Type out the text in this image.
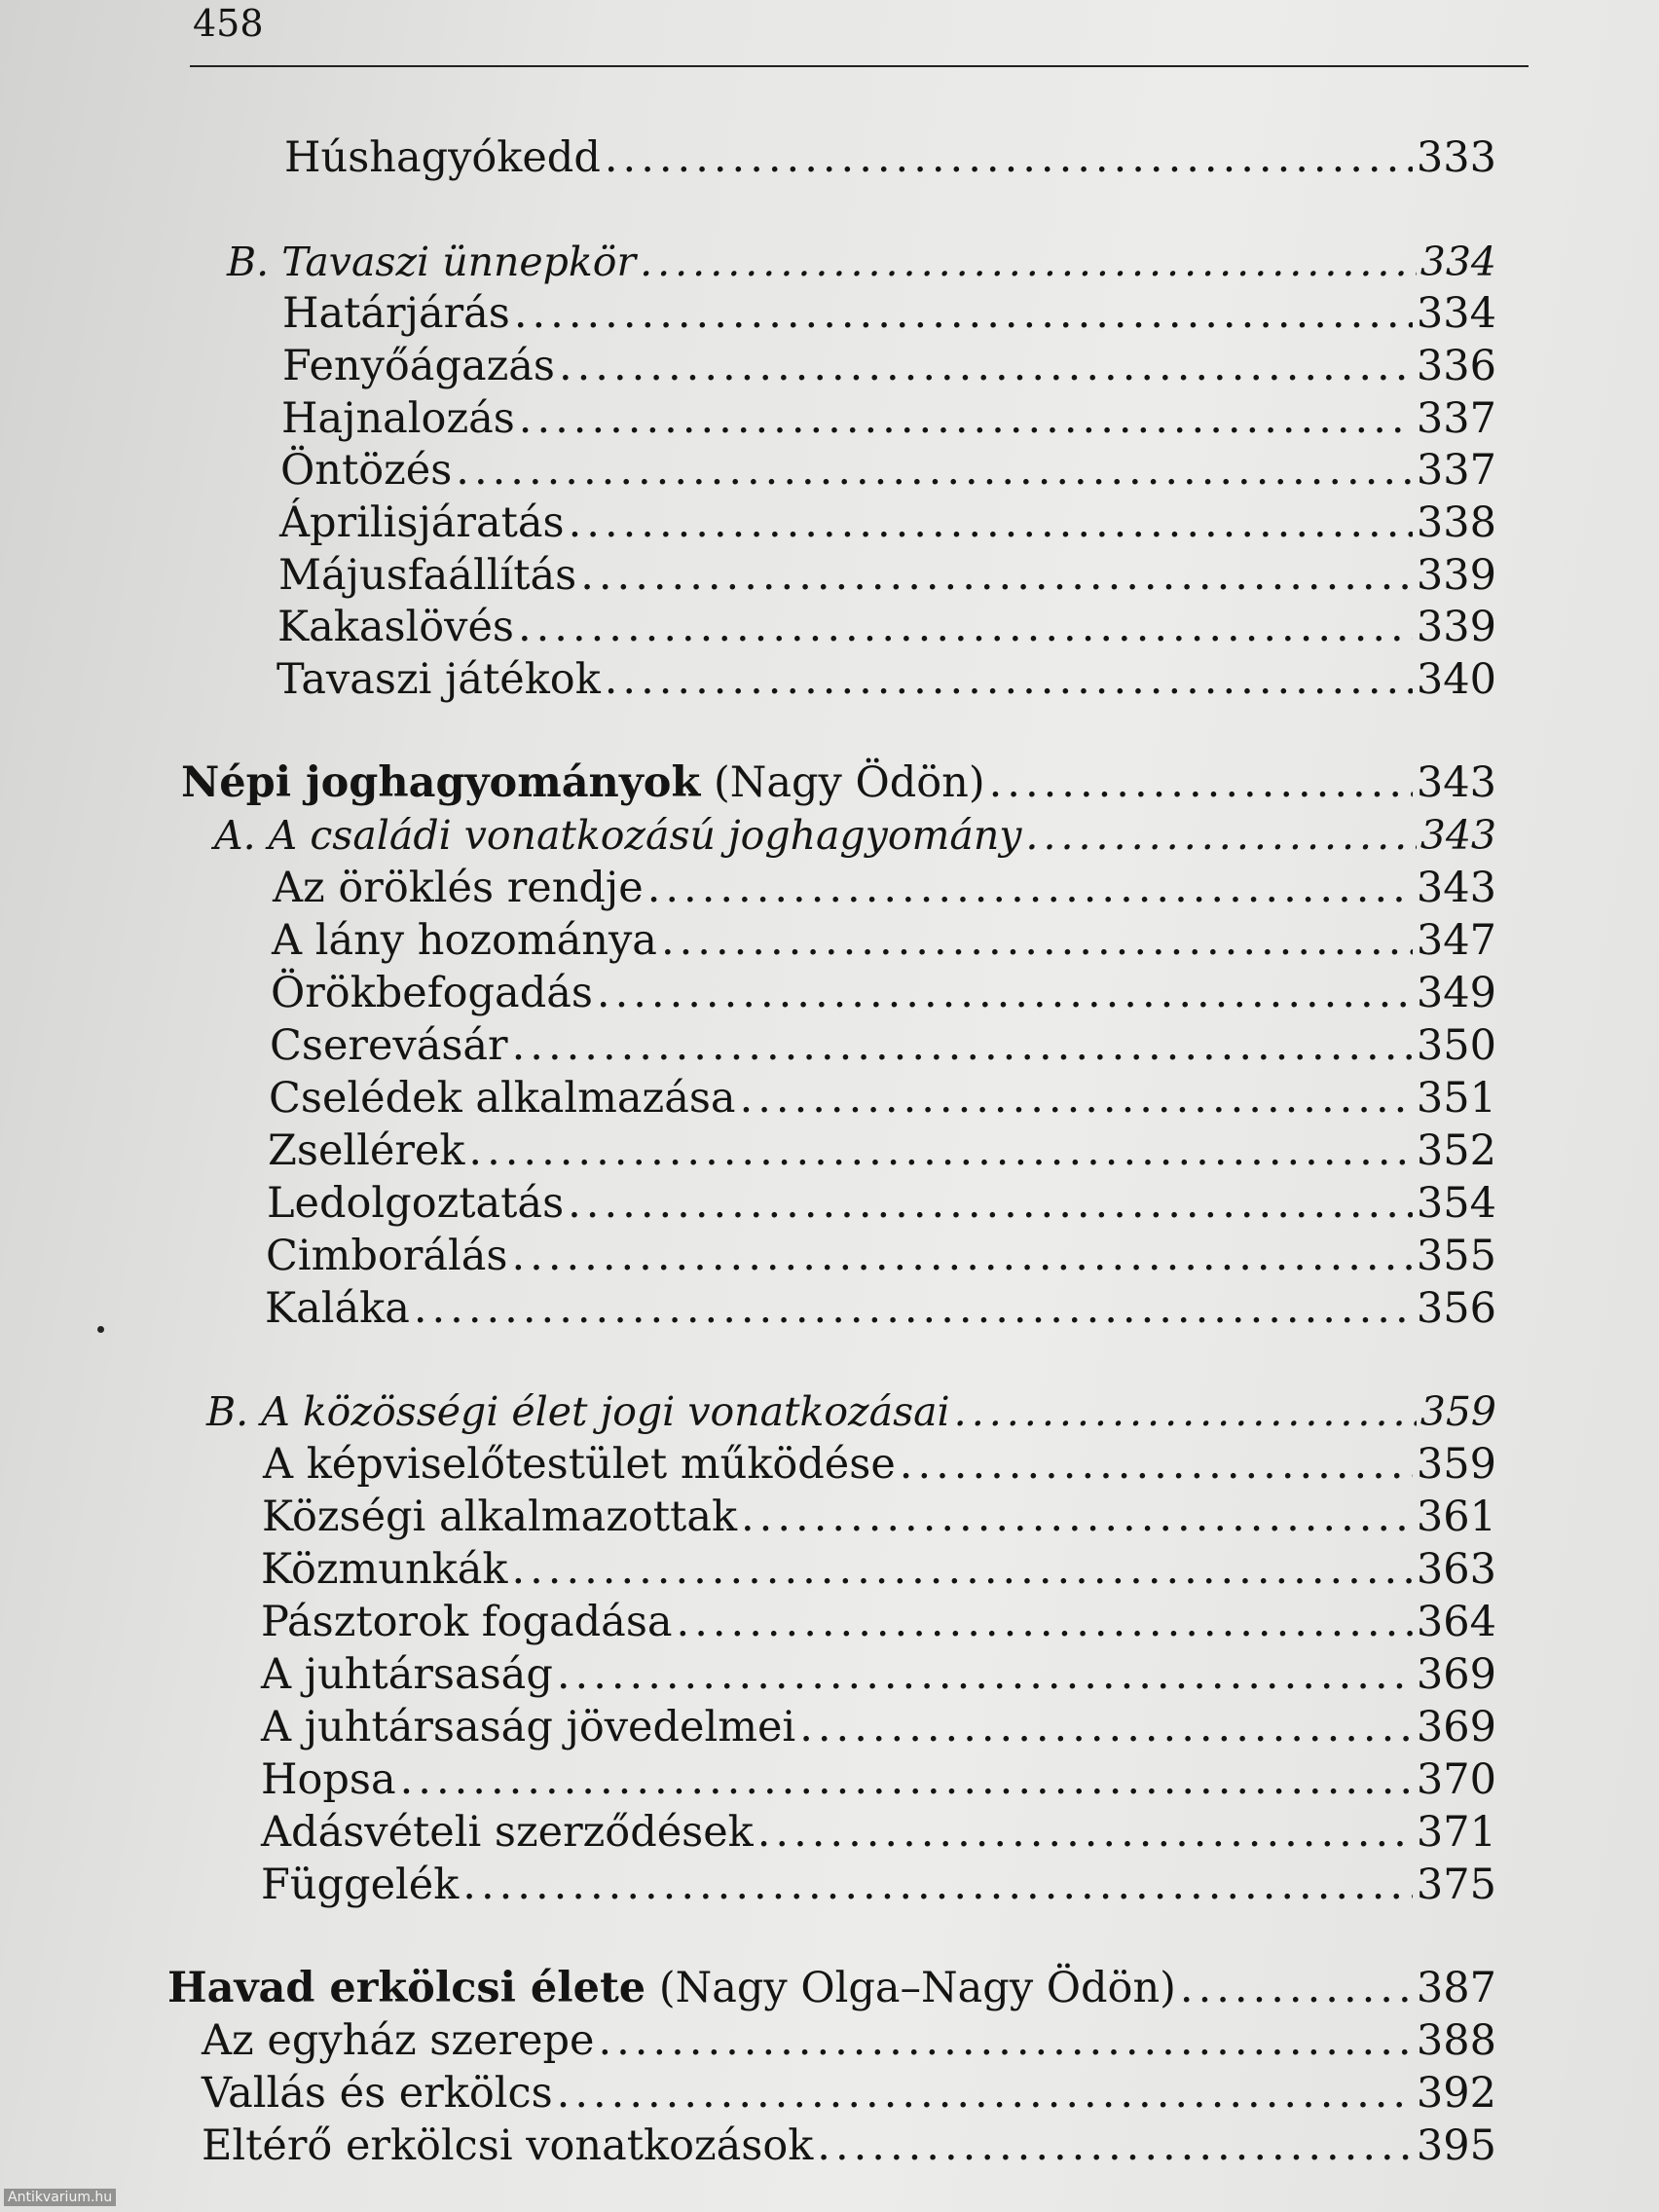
458
Húshagyókedd .....	333
B. Tavaszi ünnepkör .....	334
Határjárás .....	334
Fenyőágazás .....	336
Hajnalozás .....	337
Öntözés .....	337
Áprilisjáratás .....	338
Májusfaállítás .....	339
Kakaslövés .....	339
Tavaszi játékok .....	340
Népi joghagyományok (Nagy Ödön) .....	343
A. A családi vonatkozású joghagyomány .....	343
Az öröklés rendje .....	343
A lány hozománya .....	347
Örökbefogadás .....	349
Cserevásár .....	350
Cselédek alkalmazása .....	351
Zsellérek .....	352
Ledolgoztatás .....	354
Cimborálás .....	355
Kaláka .....	356
B. A közösségi élet jogi vonatkozásai .....	359
A képviselőtestület működése .....	359
Községi alkalmazottak .....	361
Közmunkák .....	363
Pásztorok fogadása .....	364
A juhtársaság .....	369
A juhtársaság jövedelmei .....	369
Hopsa .....	370
Adásvételi szerződések .....	371
Függelék .....	375
Havad erkölcsi élete (Nagy Olga–Nagy Ödön) .....	387
Az egyház szerepe .....	388
Vallás és erkölcs .....	392
Eltérő erkölcsi vonatkozások .....	395
Antikvarium.hu
